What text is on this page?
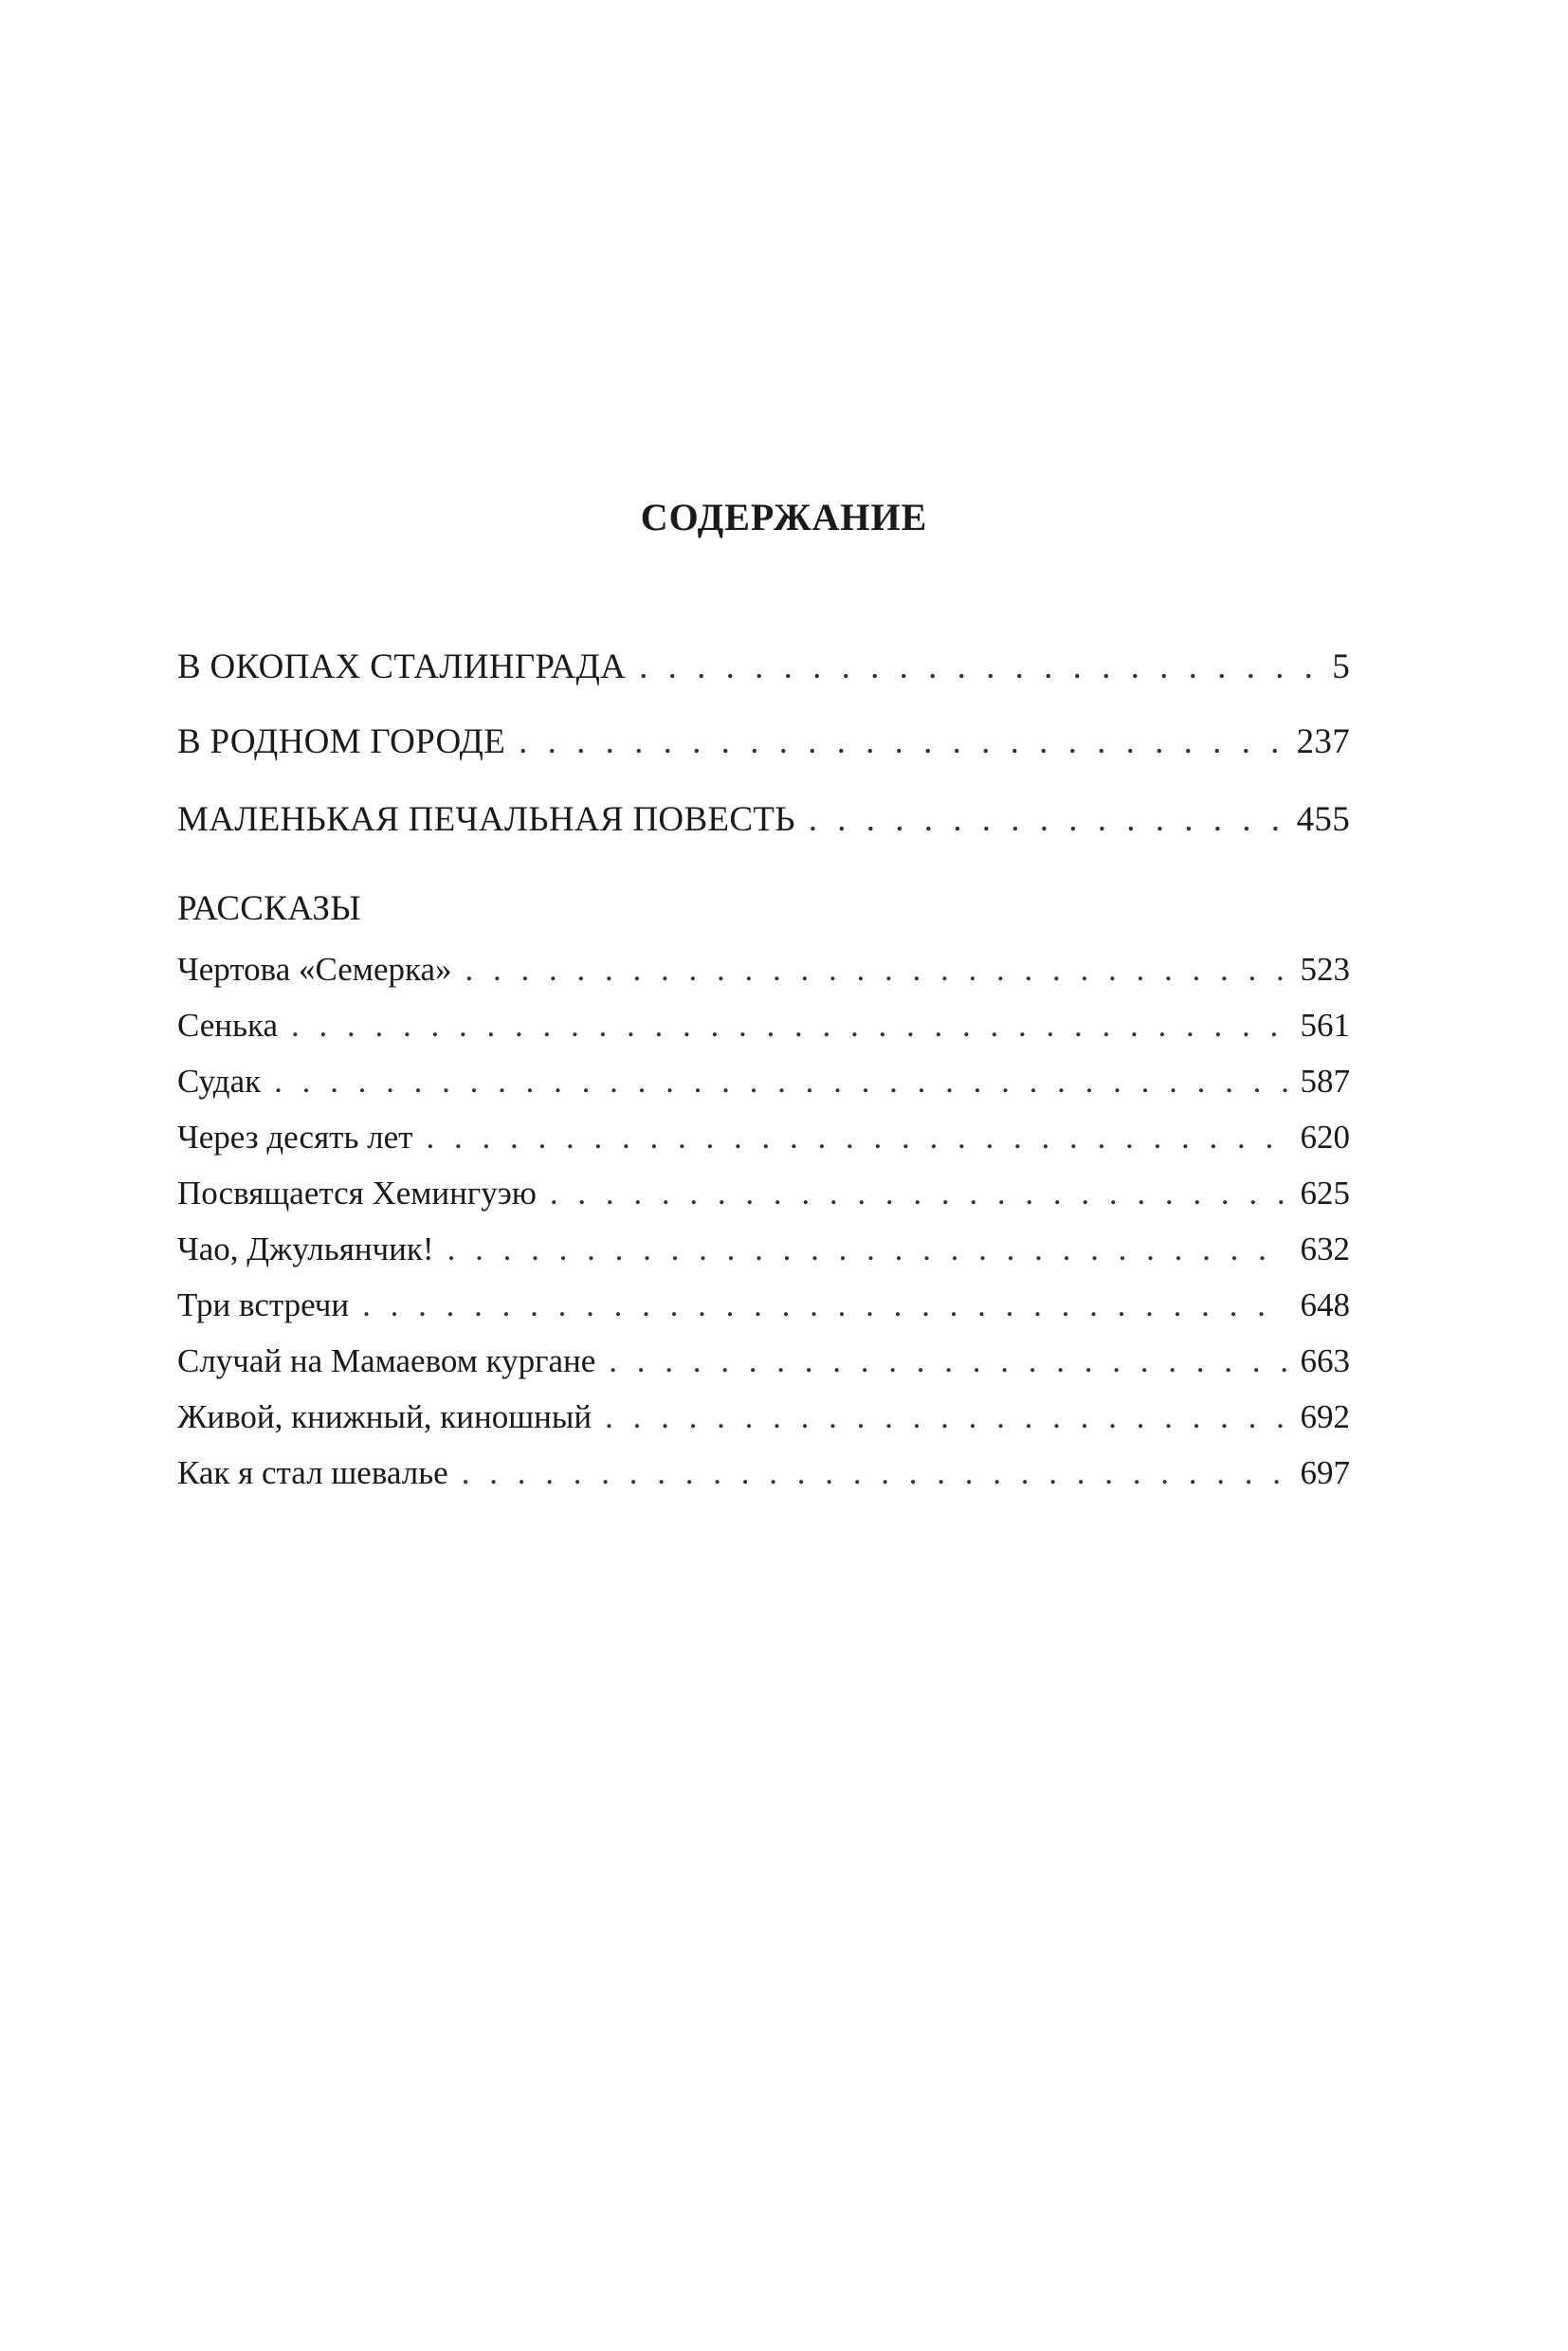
СОДЕРЖАНИЕ
В ОКОПАХ СТАЛИНГРАДА . . .	5
В РОДНОМ ГОРОДЕ . . .	237
МАЛЕНЬКАЯ ПЕЧАЛЬНАЯ ПОВЕСТЬ . . .	455
РАССКАЗЫ
Чертова «Семерка» . . .	523
Сенька . . .	561
Судак . . .	587
Через десять лет . . .	620
Посвящается Хемингуэю . . .	625
Чао, Джульянчик! . . .	632
Три встречи . . .	648
Случай на Мамаевом кургане . . .	663
Живой, книжный, киношный . . .	692
Как я стал шевалье . . .	697
